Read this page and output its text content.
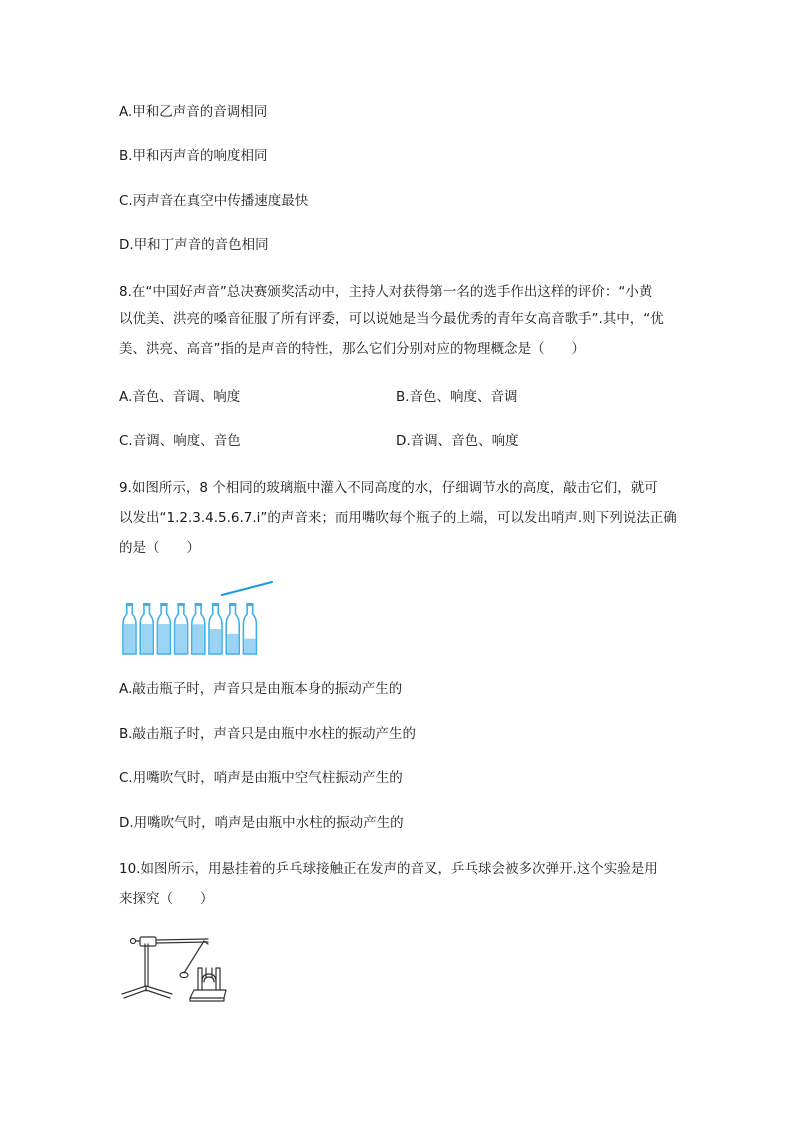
A.甲和乙声音的音调相同
B.甲和丙声音的响度相同
C.丙声音在真空中传播速度最快
D.甲和丁声音的音色相同
8.在“中国好声音”总决赛颁奖活动中，主持人对获得第一名的选手作出这样的评价：“小黄
以优美、洪亮的嗓音征服了所有评委，可以说她是当今最优秀的青年女高音歌手”.其中，“优
美、洪亮、高音”指的是声音的特性，那么它们分别对应的物理概念是（　　）
A.音色、音调、响度	B.音色、响度、音调
C.音调、响度、音色	D.音调、音色、响度
9.如图所示，8 个相同的玻璃瓶中灌入不同高度的水，仔细调节水的高度，敲击它们，就可
以发出“1.2.3.4.5.6.7.i”的声音来；而用嘴吹每个瓶子的上端，可以发出哨声.则下列说法正确
的是（　　）
A.敲击瓶子时，声音只是由瓶本身的振动产生的
B.敲击瓶子时，声音只是由瓶中水柱的振动产生的
C.用嘴吹气时，哨声是由瓶中空气柱振动产生的
D.用嘴吹气时，哨声是由瓶中水柱的振动产生的
10.如图所示，用悬挂着的乒乓球接触正在发声的音叉，乒乓球会被多次弹开.这个实验是用
来探究（　　）
